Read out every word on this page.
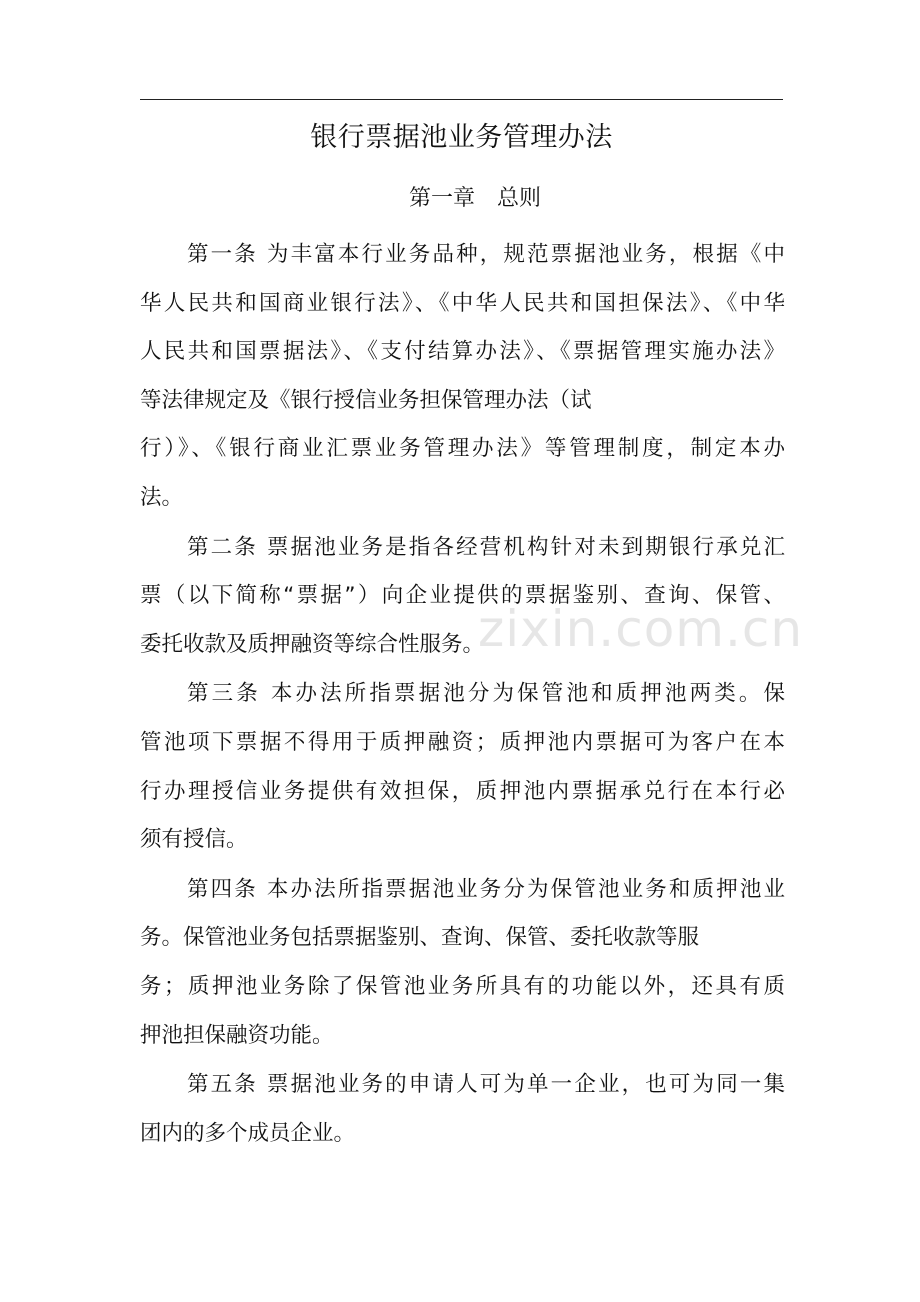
银行票据池业务管理办法
第一章　总则
zixin.com.cn
第一条 为丰富本行业务品种，规范票据池业务，根据《中
华人民共和国商业银行法》、《中华人民共和国担保法》、《中华
人民共和国票据法》、《支付结算办法》、《票据管理实施办法》
等法律规定及《银行授信业务担保管理办法（试
行）》、《银行商业汇票业务管理办法》等管理制度，制定本办
法。
第二条 票据池业务是指各经营机构针对未到期银行承兑汇
票（以下简称“票据”）向企业提供的票据鉴别、查询、保管、
委托收款及质押融资等综合性服务。
第三条 本办法所指票据池分为保管池和质押池两类。保
管池项下票据不得用于质押融资；质押池内票据可为客户在本
行办理授信业务提供有效担保，质押池内票据承兑行在本行必
须有授信。
第四条 本办法所指票据池业务分为保管池业务和质押池业
务。保管池业务包括票据鉴别、查询、保管、委托收款等服
务；质押池业务除了保管池业务所具有的功能以外，还具有质
押池担保融资功能。
第五条 票据池业务的申请人可为单一企业，也可为同一集
团内的多个成员企业。
